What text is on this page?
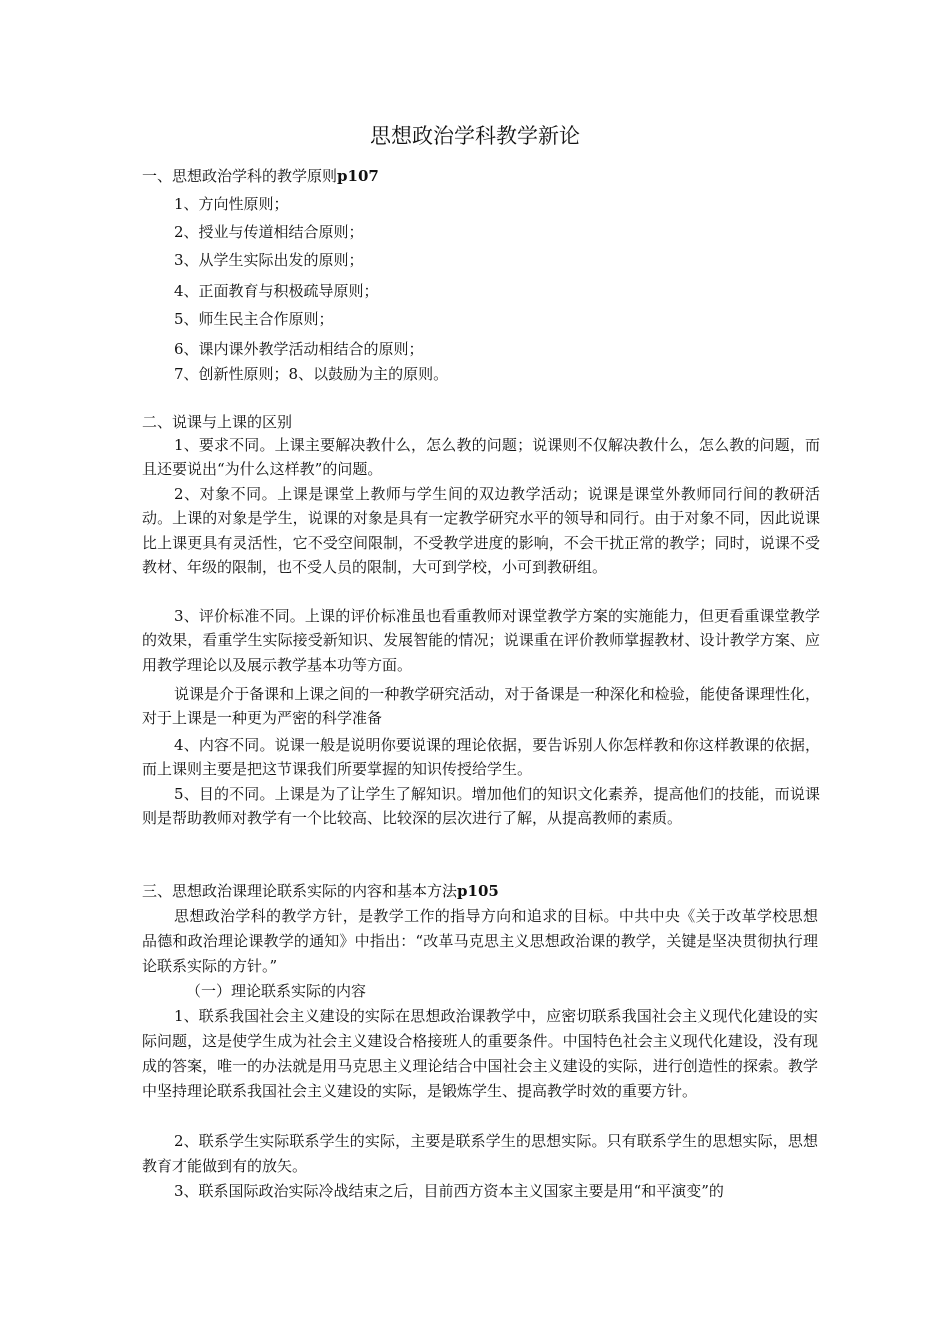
思想政治学科教学新论
一、思想政治学科的教学原则p107
1、方向性原则；
2、授业与传道相结合原则；
3、从学生实际出发的原则；
4、正面教育与积极疏导原则；
5、师生民主合作原则；
6、课内课外教学活动相结合的原则；
7、创新性原则；8、以鼓励为主的原则。
二、说课与上课的区别
1、要求不同。上课主要解决教什么，怎么教的问题；说课则不仅解决教什么，怎么教的问题，而且还要说出“为什么这样教”的问题。
2、对象不同。上课是课堂上教师与学生间的双边教学活动；说课是课堂外教师同行间的教研活动。上课的对象是学生，说课的对象是具有一定教学研究水平的领导和同行。由于对象不同，因此说课比上课更具有灵活性，它不受空间限制，不受教学进度的影响，不会干扰正常的教学；同时，说课不受教材、年级的限制，也不受人员的限制，大可到学校，小可到教研组。
3、评价标准不同。上课的评价标准虽也看重教师对课堂教学方案的实施能力，但更看重课堂教学的效果，看重学生实际接受新知识、发展智能的情况；说课重在评价教师掌握教材、设计教学方案、应用教学理论以及展示教学基本功等方面。
说课是介于备课和上课之间的一种教学研究活动，对于备课是一种深化和检验，能使备课理性化，对于上课是一种更为严密的科学准备
4、内容不同。说课一般是说明你要说课的理论依据，要告诉别人你怎样教和你这样教课的依据，而上课则主要是把这节课我们所要掌握的知识传授给学生。
5、目的不同。上课是为了让学生了解知识。增加他们的知识文化素养，提高他们的技能，而说课则是帮助教师对教学有一个比较高、比较深的层次进行了解，从提高教师的素质。
三、思想政治课理论联系实际的内容和基本方法p105
思想政治学科的教学方针，是教学工作的指导方向和追求的目标。中共中央《关于改革学校思想品德和政治理论课教学的通知》中指出：“改革马克思主义思想政治课的教学，关键是坚决贯彻执行理论联系实际的方针。”
（一）理论联系实际的内容
1、联系我国社会主义建设的实际在思想政治课教学中，应密切联系我国社会主义现代化建设的实际问题，这是使学生成为社会主义建设合格接班人的重要条件。中国特色社会主义现代化建设，没有现成的答案，唯一的办法就是用马克思主义理论结合中国社会主义建设的实际，进行创造性的探索。教学中坚持理论联系我国社会主义建设的实际，是锻炼学生、提高教学时效的重要方针。
2、联系学生实际联系学生的实际，主要是联系学生的思想实际。只有联系学生的思想实际，思想教育才能做到有的放矢。
3、联系国际政治实际冷战结束之后，目前西方资本主义国家主要是用“和平演变”的
